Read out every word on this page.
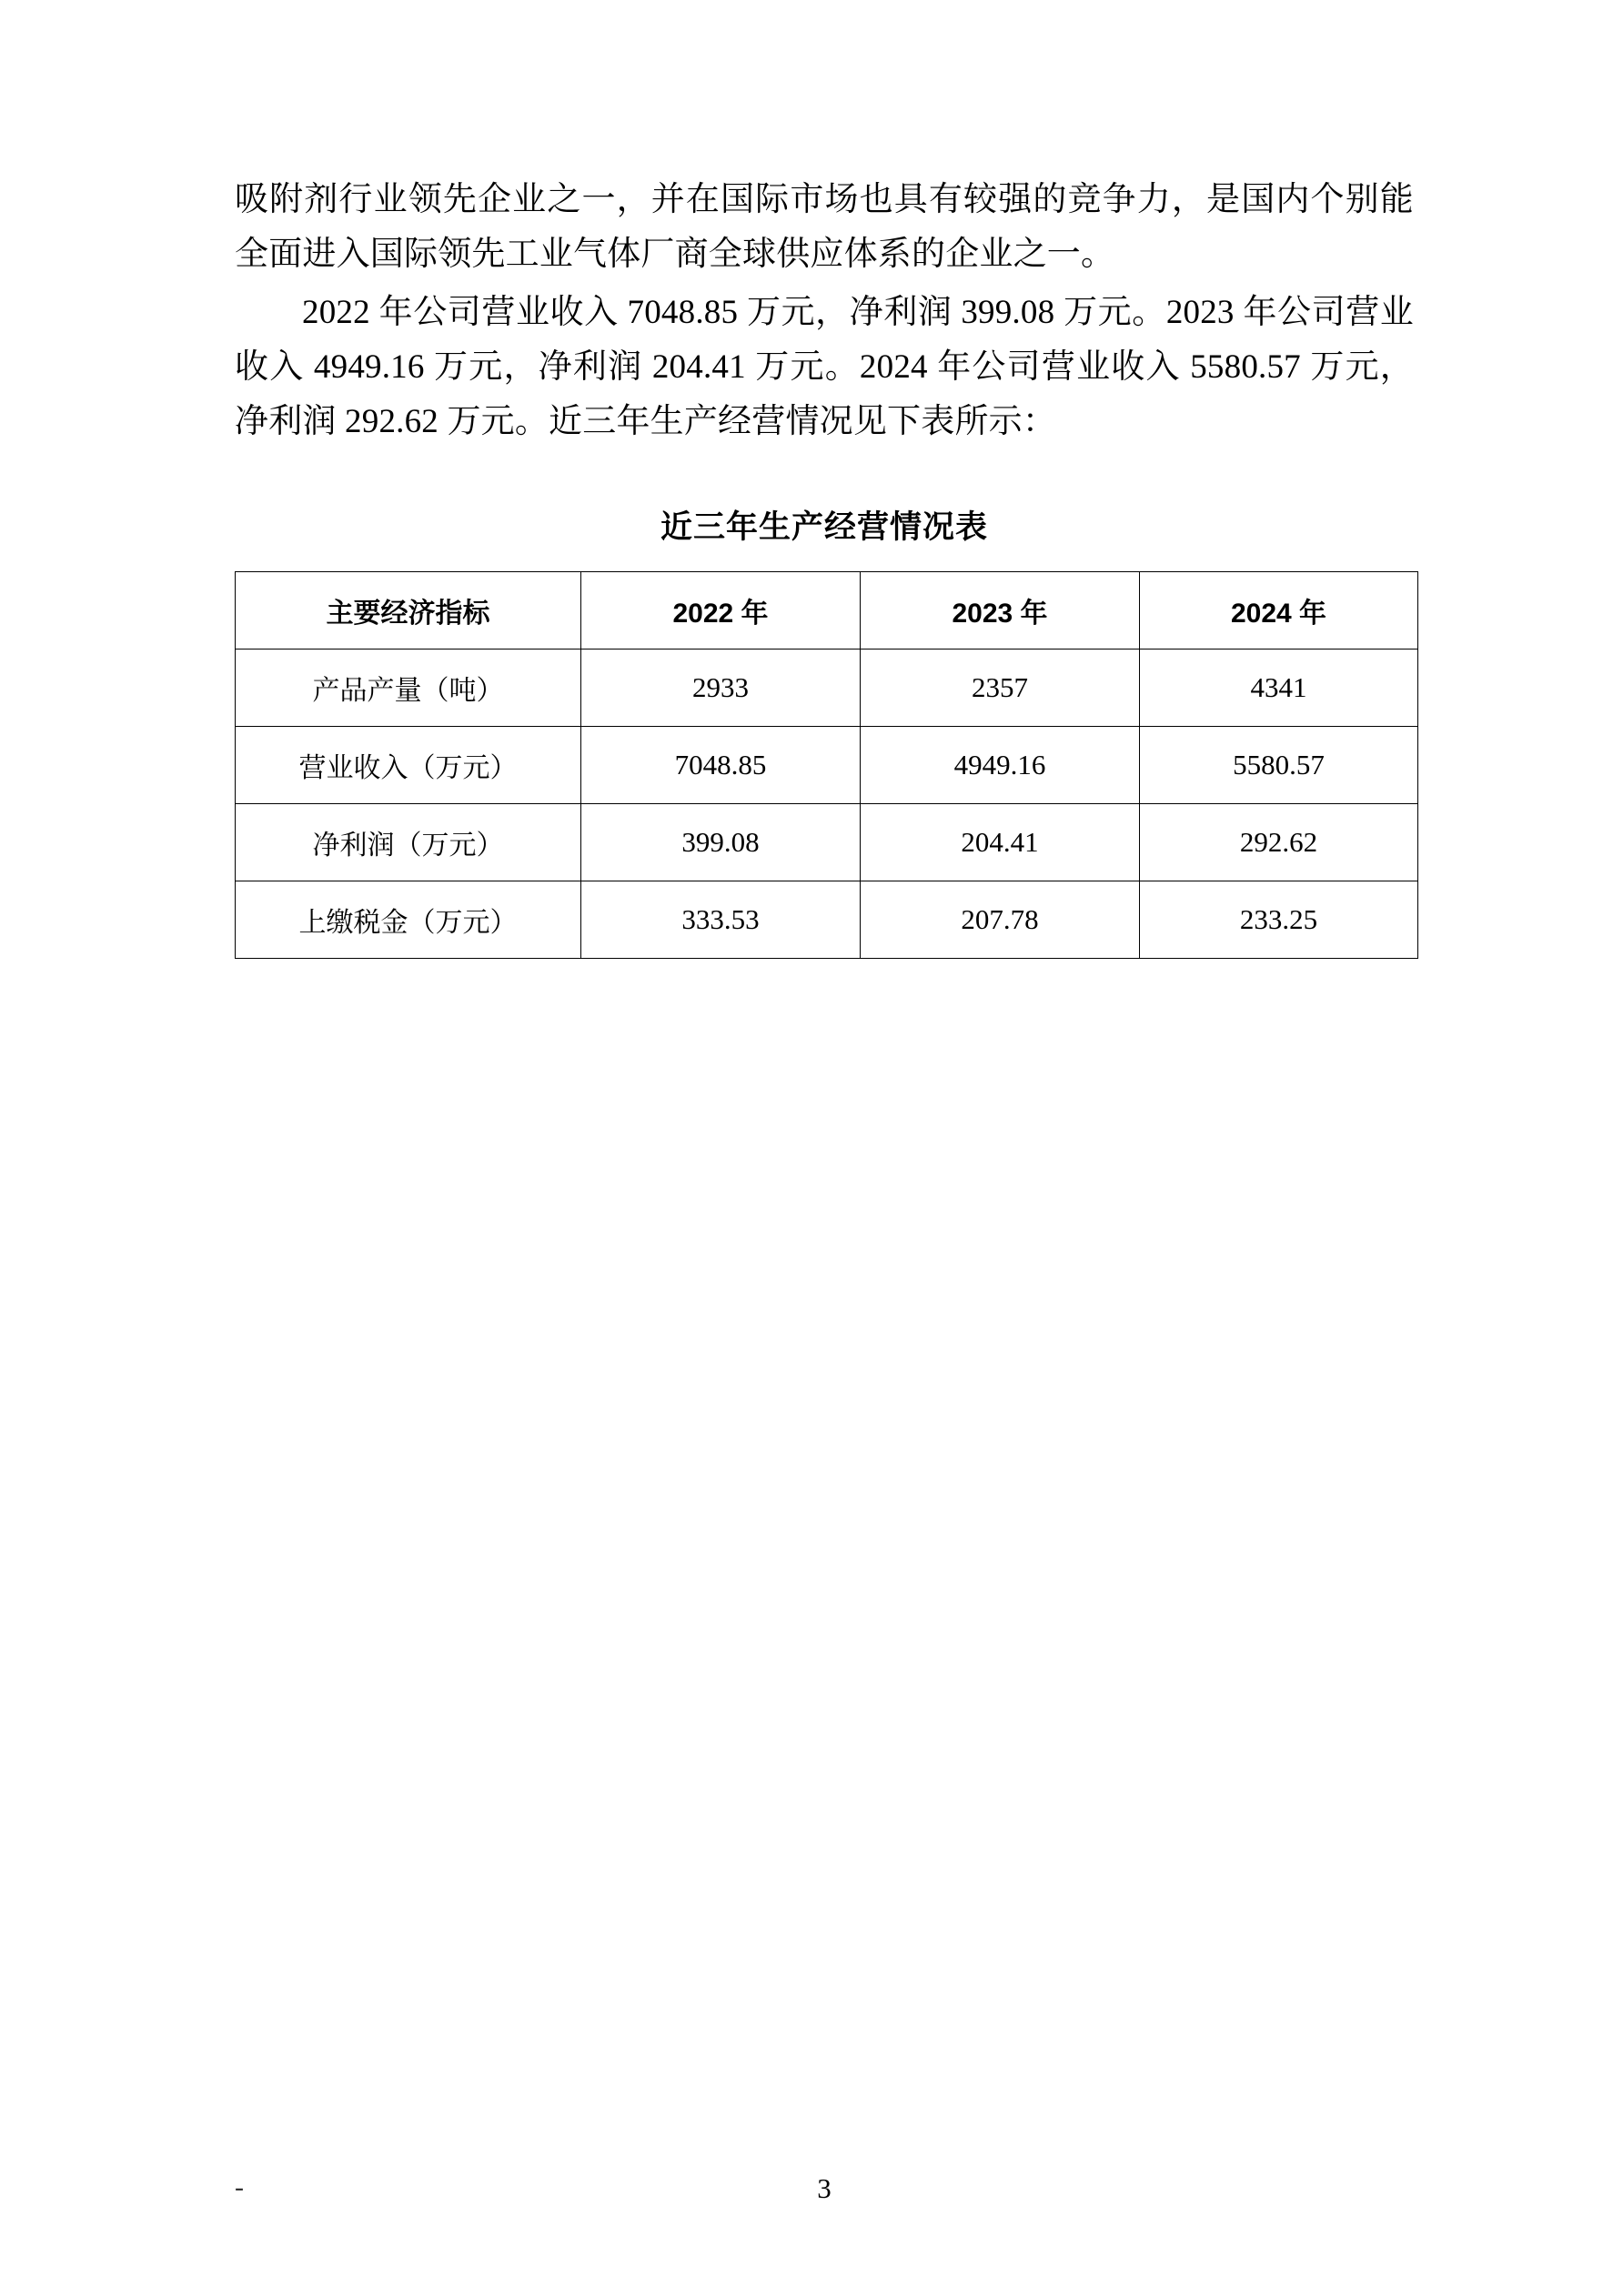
吸附剂行业领先企业之一，并在国际市场也具有较强的竞争力，是国内个别能全面进入国际领先工业气体厂商全球供应体系的企业之一。

2022 年公司营业收入 7048.85 万元，净利润 399.08 万元。2023 年公司营业收入 4949.16 万元，净利润 204.41 万元。2024 年公司营业收入 5580.57 万元，净利润 292.62 万元。近三年生产经营情况见下表所示：

近三年生产经营情况表
主要经济指标	2022 年	2023 年	2024 年
产品产量（吨）	2933	2357	4341
营业收入（万元）	7048.85	4949.16	5580.57
净利润（万元）	399.08	204.41	292.62
上缴税金（万元）	333.53	207.78	233.25
-	3
